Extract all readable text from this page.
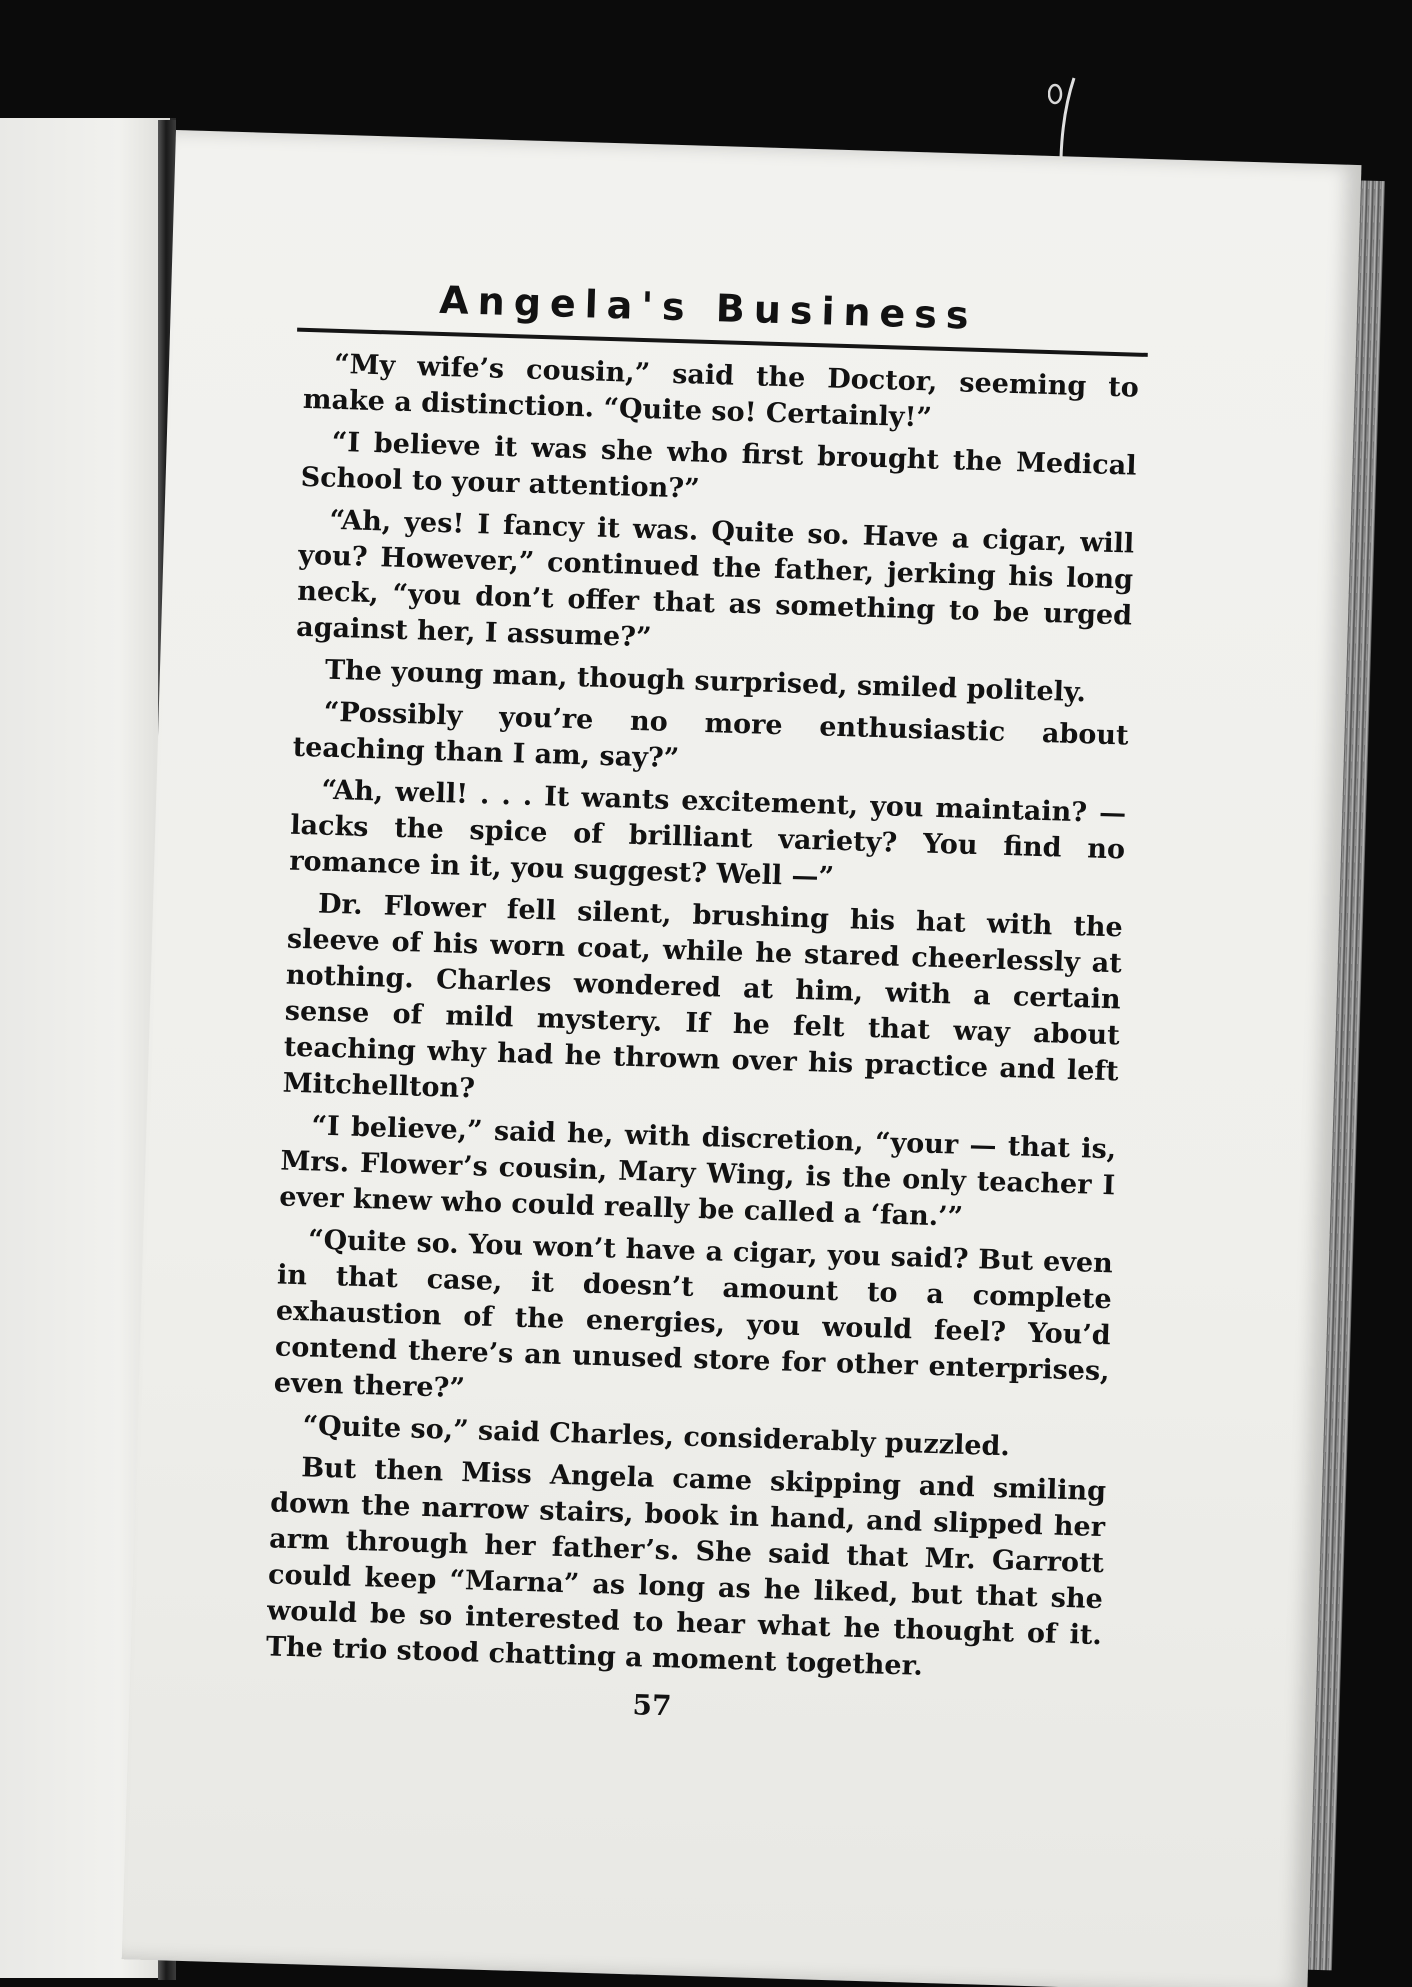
Angela's Business

“My wife’s cousin,” said the Doctor, seeming to make a distinction. “Quite so! Certainly!”

“I believe it was she who first brought the Medical School to your attention?”

“Ah, yes! I fancy it was. Quite so. Have a cigar, will you? However,” continued the father, jerking his long neck, “you don’t offer that as something to be urged against her, I assume?”

The young man, though surprised, smiled politely.

“Possibly you’re no more enthusiastic about teaching than I am, say?”

“Ah, well! . . . It wants excitement, you maintain? — lacks the spice of brilliant variety? You find no romance in it, you suggest? Well —”

Dr. Flower fell silent, brushing his hat with the sleeve of his worn coat, while he stared cheerlessly at nothing. Charles wondered at him, with a certain sense of mild mystery. If he felt that way about teaching why had he thrown over his practice and left Mitchellton?

“I believe,” said he, with discretion, “your — that is, Mrs. Flower’s cousin, Mary Wing, is the only teacher I ever knew who could really be called a ‘fan.’”

“Quite so. You won’t have a cigar, you said? But even in that case, it doesn’t amount to a complete exhaustion of the energies, you would feel? You’d contend there’s an unused store for other enterprises, even there?”

“Quite so,” said Charles, considerably puzzled.

But then Miss Angela came skipping and smiling down the narrow stairs, book in hand, and slipped her arm through her father’s. She said that Mr. Garrott could keep “Marna” as long as he liked, but that she would be so interested to hear what he thought of it. The trio stood chatting a moment together.

57
